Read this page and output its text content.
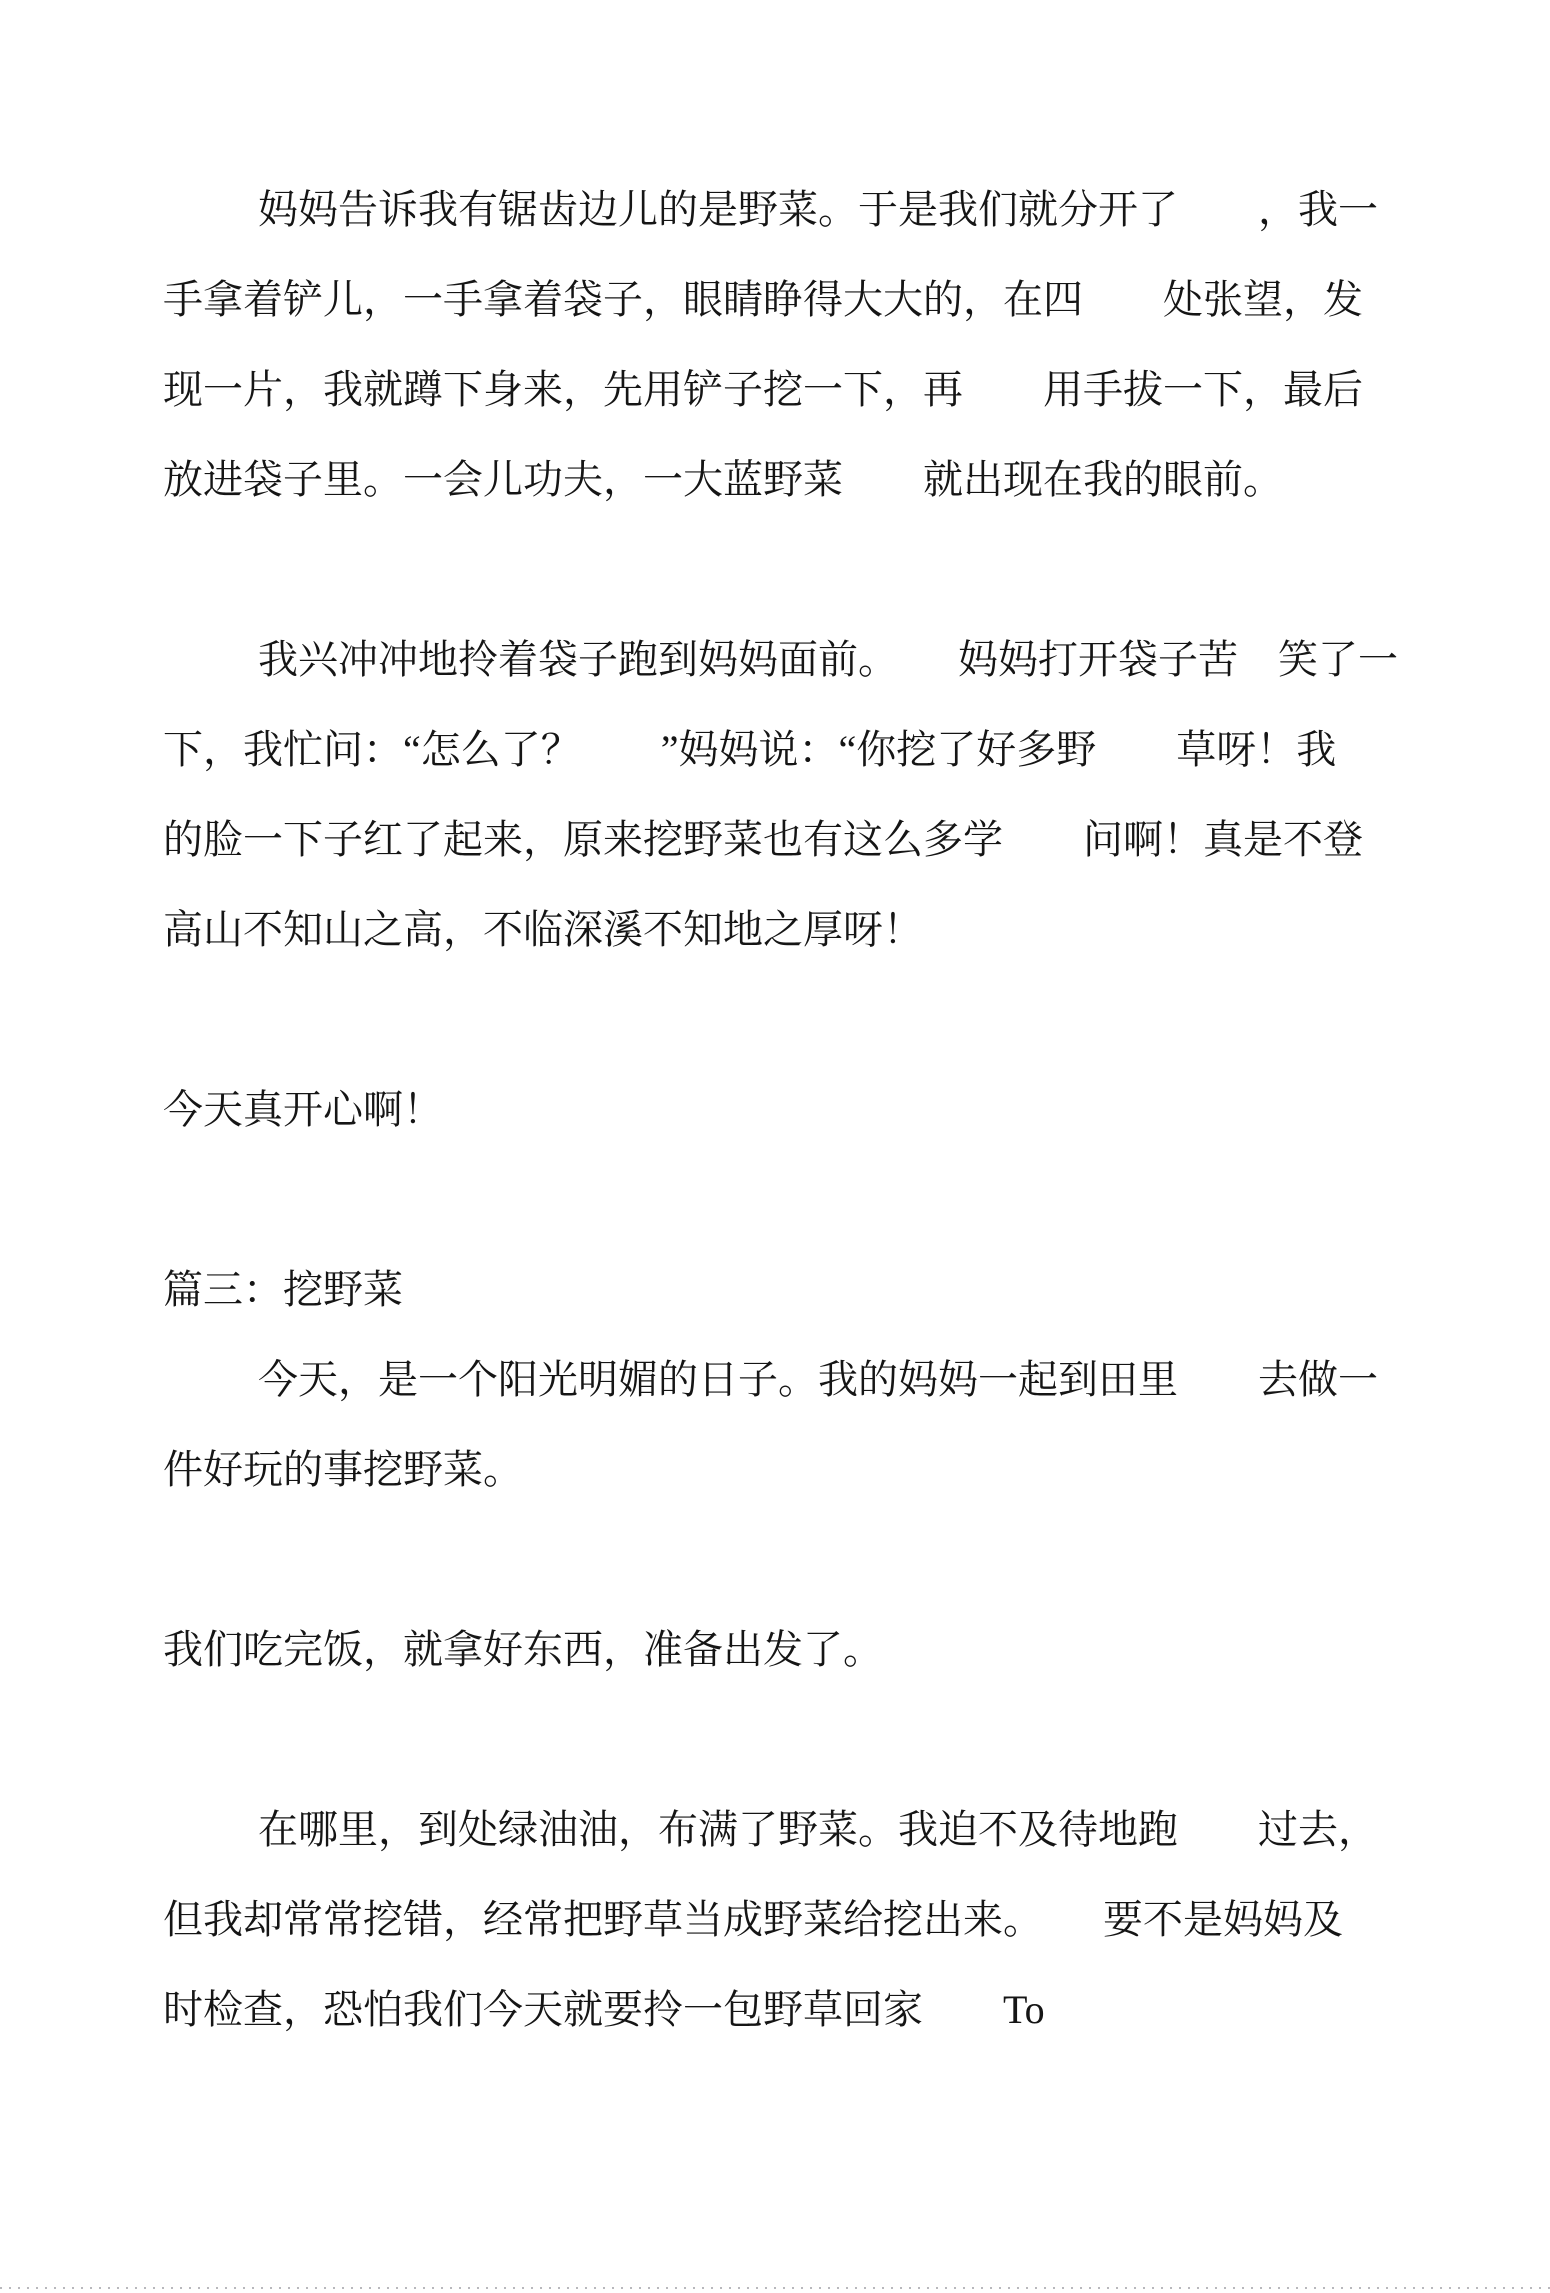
妈妈告诉我有锯齿边儿的是野菜。于是我们就分开了　　，我一
手拿着铲儿，一手拿着袋子，眼睛睁得大大的，在四　　处张望，发
现一片，我就蹲下身来，先用铲子挖一下，再　　用手拔一下，最后
放进袋子里。一会儿功夫，一大蓝野菜　　就出现在我的眼前。
我兴冲冲地拎着袋子跑到妈妈面前。　　妈妈打开袋子苦　笑了一
下，我忙问：“怎么了？　　”妈妈说：“你挖了好多野　　草呀！我
的脸一下子红了起来，原来挖野菜也有这么多学　　问啊！真是不登
高山不知山之高，不临深溪不知地之厚呀！
今天真开心啊！
篇三：挖野菜
今天，是一个阳光明媚的日子。我的妈妈一起到田里　　去做一
件好玩的事挖野菜。
我们吃完饭，就拿好东西，准备出发了。
在哪里，到处绿油油，布满了野菜。我迫不及待地跑　　过去，
但我却常常挖错，经常把野草当成野菜给挖出来。　　要不是妈妈及
时检查，恐怕我们今天就要拎一包野草回家　　To
